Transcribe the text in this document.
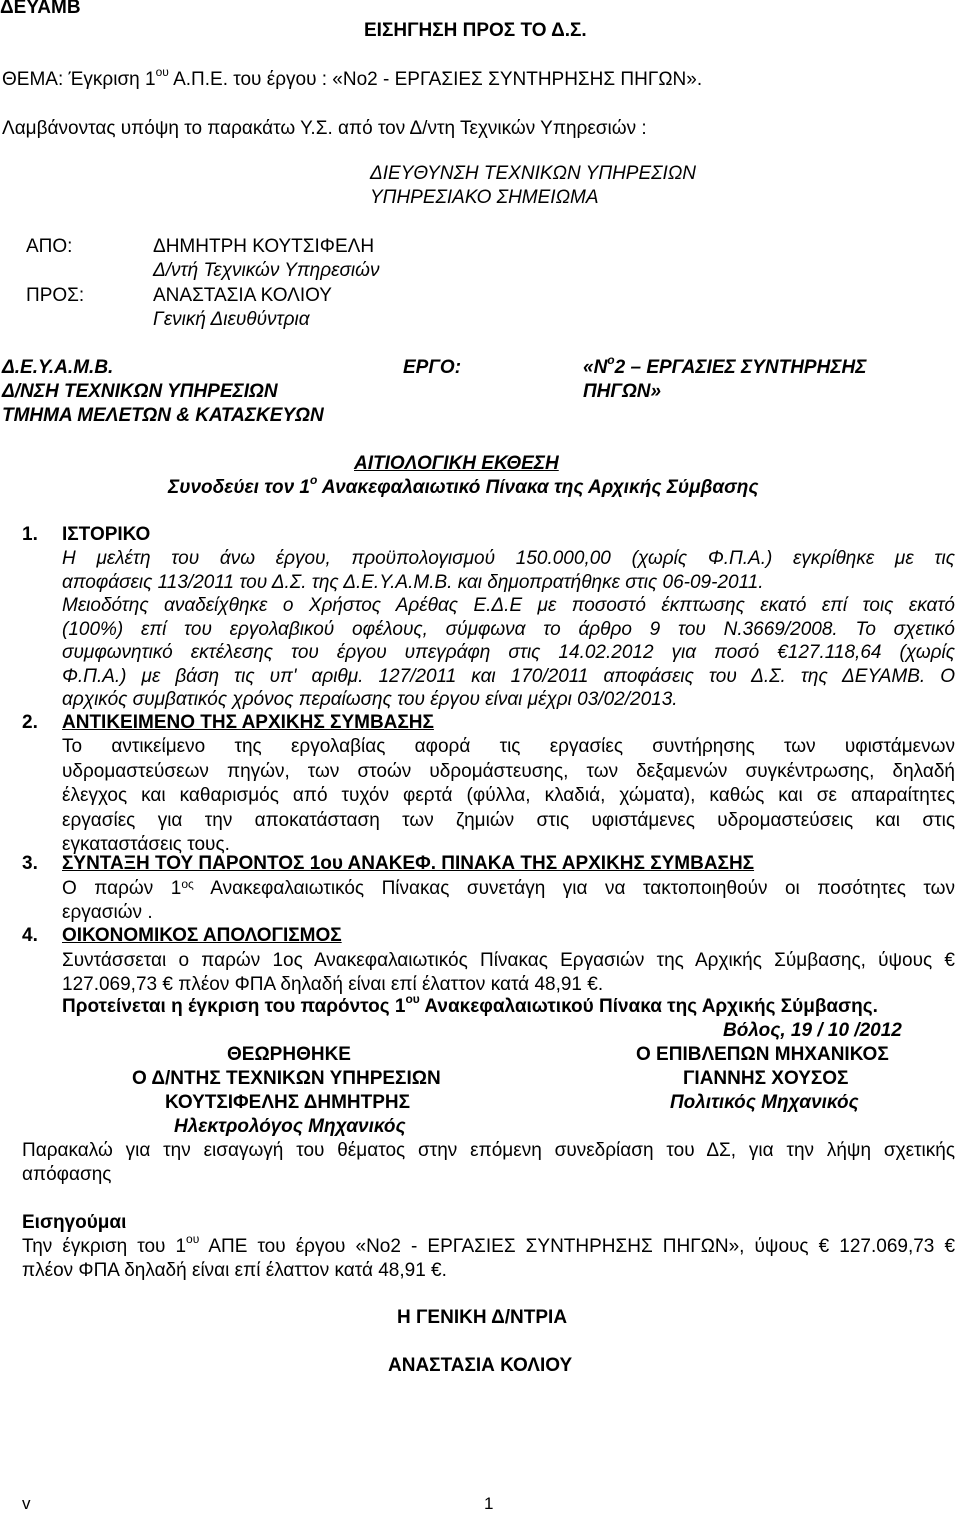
ΔΕΥΑΜΒ
ΕΙΣΗΓΗΣΗ ΠΡΟΣ ΤΟ Δ.Σ.
ΘΕΜΑ: Έγκριση $1^{o\upsilon}$ Α.Π.Ε. του έργου : «Νο2 - ΕΡΓΑΣΙΕΣ ΣΥΝΤΗΡΗΣΗΣ ΠΗΓΩΝ».
Λαμβάνοντας υπόψη το παρακάτω Υ.Σ. από τον Δ/ντη Τεχνικών Υπηρεσιών :
ΔΙΕΥΘΥΝΣΗ ΤΕΧΝΙΚΩΝ ΥΠΗΡΕΣΙΩΝ
ΥΠΗΡΕΣΙΑΚΟ ΣΗΜΕΙΩΜΑ
ΑΠΟ:
ΠΡΟΣ:
ΔΗΜΗΤΡΗ ΚΟΥΤΣΙΦΕΛΗ
Δ/ντή Τεχνικών Υπηρεσιών
ΑΝΑΣΤΑΣΙΑ ΚΟΛΙΟΥ
Γενική Διευθύντρια
Δ.Ε.Υ.Α.Μ.Β.
Δ/ΝΣΗ ΤΕΧΝΙΚΩΝ ΥΠΗΡΕΣΙΩΝ
ΤΜΗΜΑ ΜΕΛΕΤΩΝ & ΚΑΤΑΣΚΕΥΩΝ
ΕΡΓΟ:	«$N^o2$ – ΕΡΓΑΣΙΕΣ ΣΥΝΤΗΡΗΣΗΣ
ΠΗΓΩΝ»
ΑΙΤΙΟΛΟΓΙΚΗ ΕΚΘΕΣΗ
Συνοδεύει τον $1^o$ Ανακεφαλαιωτικό Πίνακα της Αρχικής Σύμβασης
1. ΙΣΤΟΡΙΚΟ
Η μελέτη του άνω έργου, προϋπολογισμού 150.000,00 (χωρίς Φ.Π.Α.) εγκρίθηκε με τις
αποφάσεις 113/2011 του Δ.Σ. της Δ.Ε.Υ.Α.Μ.Β. και δημοπρατήθηκε στις 06-09-2011.
Μειοδότης αναδείχθηκε ο Χρήστος Αρέθας Ε.Δ.Ε με ποσοστό έκπτωσης εκατό επί τοις εκατό
(100%) επί του εργολαβικού οφέλους, σύμφωνα το άρθρο 9 του Ν.3669/2008. Το σχετικό
συμφωνητικό εκτέλεσης του έργου υπεγράφη στις 14.02.2012 για ποσό €127.118,64 (χωρίς
Φ.Π.Α.) με βάση τις υπ' αριθμ. 127/2011 και 170/2011 αποφάσεις του Δ.Σ. της ΔΕΥΑΜΒ. Ο
αρχικός συμβατικός χρόνος περαίωσης του έργου είναι μέχρι 03/02/2013.
2. ΑΝΤΙΚΕΙΜΕΝΟ ΤΗΣ ΑΡΧΙΚΗΣ ΣΥΜΒΑΣΗΣ
Το αντικείμενο της εργολαβίας αφορά τις εργασίες συντήρησης των υφιστάμενων
υδρομαστεύσεων πηγών, των στοών υδρομάστευσης, των δεξαμενών συγκέντρωσης, δηλαδή
έλεγχος και καθαρισμός από τυχόν φερτά (φύλλα, κλαδιά, χώματα), καθώς και σε απαραίτητες
εργασίες για την αποκατάσταση των ζημιών στις υφιστάμενες υδρομαστεύσεις και στις
εγκαταστάσεις τους.
3. ΣΥΝΤΑΞΗ ΤΟΥ ΠΑΡΟΝΤΟΣ 1ου ΑΝΑΚΕΦ. ΠΙΝΑΚΑ ΤΗΣ ΑΡΧΙΚΗΣ ΣΥΜΒΑΣΗΣ
Ο παρών $1^{o\varsigma}$ Ανακεφαλαιωτικός Πίνακας συνετάγη για να τακτοποιηθούν οι ποσότητες των
εργασιών .
4. ΟΙΚΟΝΟΜΙΚΟΣ ΑΠΟΛΟΓΙΣΜΟΣ
Συντάσσεται ο παρών 1ος Ανακεφαλαιωτικός Πίνακας Εργασιών της Αρχικής Σύμβασης, ύψους €
127.069,73 € πλέον ΦΠΑ δηλαδή είναι επί έλαττον κατά 48,91 €.
Προτείνεται η έγκριση του παρόντος $1^{o\upsilon}$ Ανακεφαλαιωτικού Πίνακα της Αρχικής Σύμβασης.
Βόλος, 19 / 10 /2012
ΘΕΩΡΗΘΗΚΕ
Ο Δ/ΝΤΗΣ ΤΕΧΝΙΚΩΝ ΥΠΗΡΕΣΙΩΝ
ΚΟΥΤΣΙΦΕΛΗΣ ΔΗΜΗΤΡΗΣ
Ηλεκτρολόγος Μηχανικός
Ο ΕΠΙΒΛΕΠΩΝ ΜΗΧΑΝΙΚΟΣ
ΓΙΑΝΝΗΣ ΧΟΥΣΟΣ
Πολιτικός Μηχανικός
Παρακαλώ για την εισαγωγή του θέματος στην επόμενη συνεδρίαση του ΔΣ, για την λήψη σχετικής
απόφασης
Εισηγούμαι
Την έγκριση του $1^{o\upsilon}$ ΑΠΕ του έργου «Νο2 - ΕΡΓΑΣΙΕΣ ΣΥΝΤΗΡΗΣΗΣ ΠΗΓΩΝ», ύψους € 127.069,73 €
πλέον ΦΠΑ δηλαδή είναι επί έλαττον κατά 48,91 €.
Η ΓΕΝΙΚΗ Δ/ΝΤΡΙΑ
ΑΝΑΣΤΑΣΙΑ ΚΟΛΙΟΥ
v	1
